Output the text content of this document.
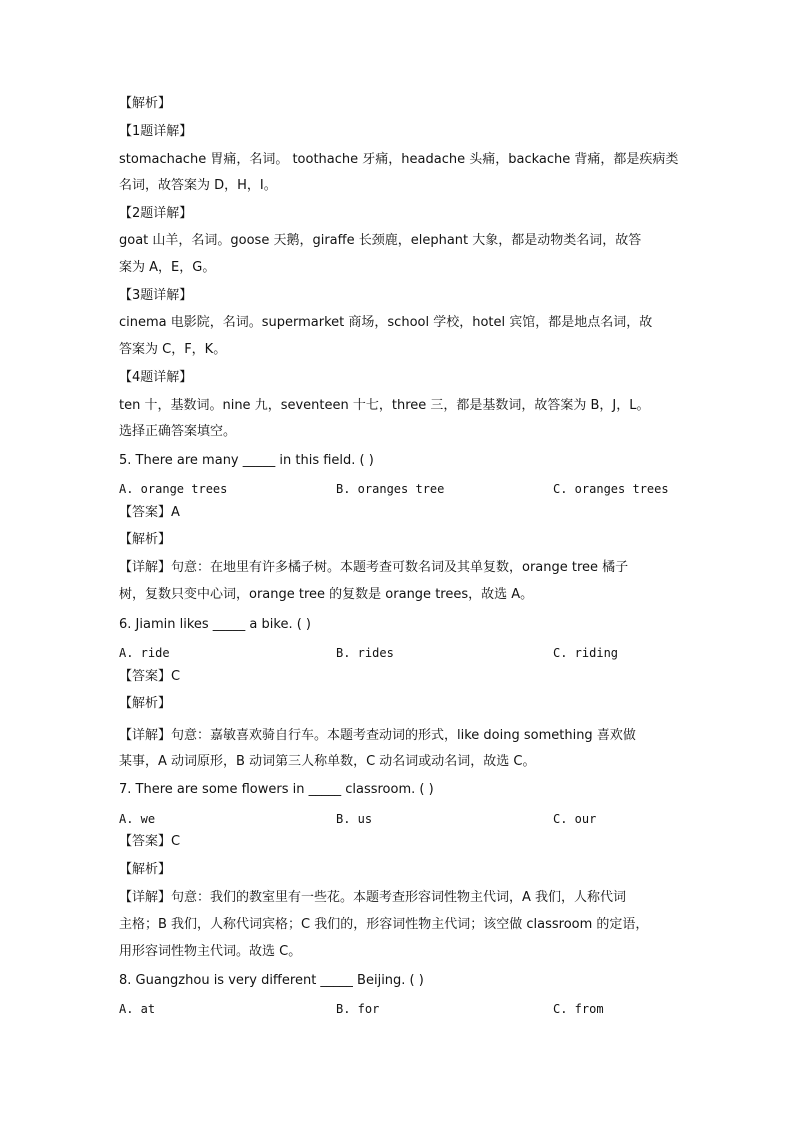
【解析】
【1题详解】
stomachache 胃痛，名词。 toothache 牙痛，headache 头痛，backache 背痛，都是疾病类
名词，故答案为 D，H，I。
【2题详解】
goat 山羊，名词。goose 天鹅，giraffe 长颈鹿，elephant 大象，都是动物类名词，故答
案为 A，E，G。
【3题详解】
cinema 电影院，名词。supermarket 商场，school 学校，hotel 宾馆，都是地点名词，故
答案为 C，F，K。
【4题详解】
ten 十，基数词。nine 九，seventeen 十七，three 三，都是基数词，故答案为 B，J，L。
选择正确答案填空。
5. There are many _____ in this field. ( )
A. orange trees	B. oranges tree	C. oranges trees
【答案】A
【解析】
【详解】句意：在地里有许多橘子树。本题考查可数名词及其单复数，orange tree 橘子
树，复数只变中心词，orange tree 的复数是 orange trees，故选 A。
6. Jiamin likes _____ a bike. ( )
A. ride	B. rides	C. riding
【答案】C
【解析】
【详解】句意：嘉敏喜欢骑自行车。本题考查动词的形式，like doing something 喜欢做
某事，A 动词原形，B 动词第三人称单数，C 动名词或动名词，故选 C。
7. There are some flowers in _____ classroom. ( )
A. we	B. us	C. our
【答案】C
【解析】
【详解】句意：我们的教室里有一些花。本题考查形容词性物主代词，A 我们，人称代词
主格；B 我们，人称代词宾格；C 我们的，形容词性物主代词；该空做 classroom 的定语，
用形容词性物主代词。故选 C。
8. Guangzhou is very different _____ Beijing. ( )
A. at	B. for	C. from
